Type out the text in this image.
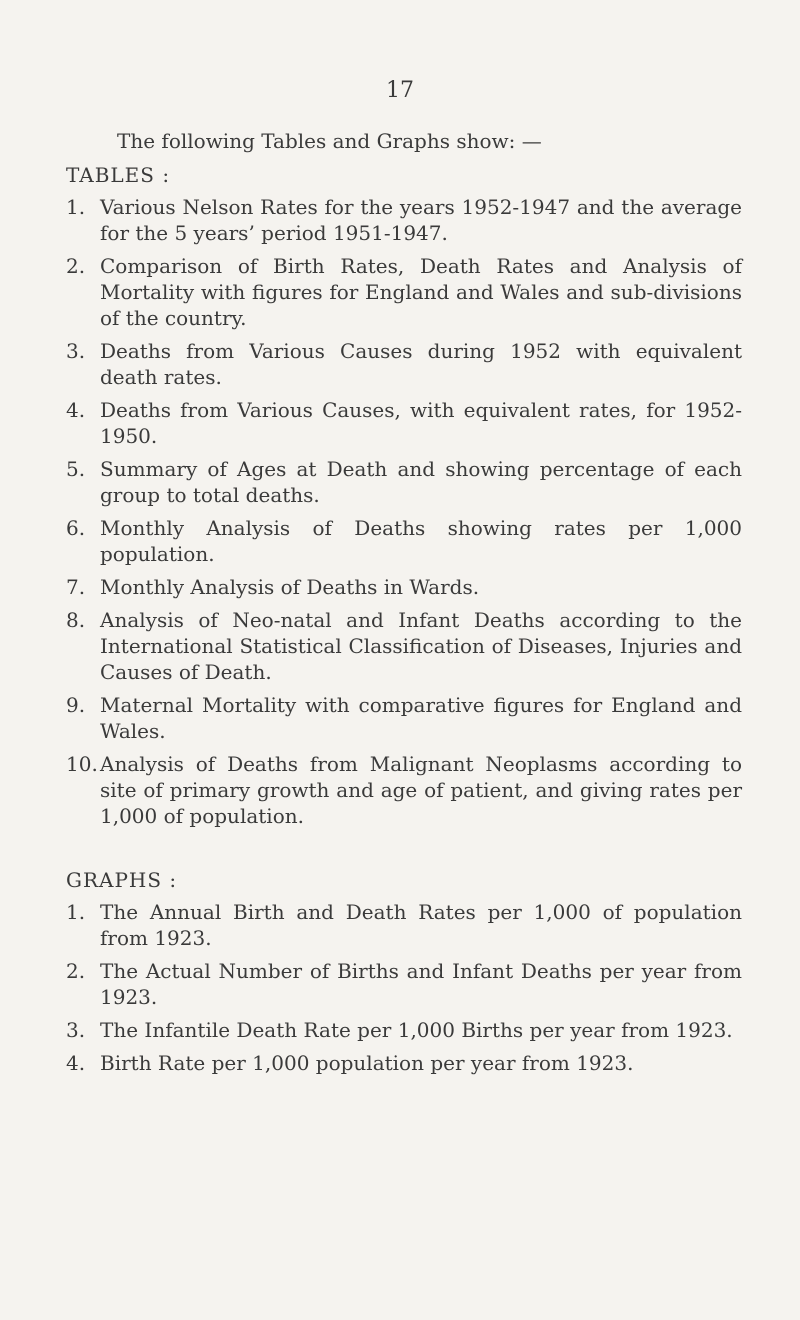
17

The following Tables and Graphs show: —

TABLES :
1. Various Nelson Rates for the years 1952-1947 and the average for the 5 years’ period 1951-1947.
2. Comparison of Birth Rates, Death Rates and Analysis of Mortality with figures for England and Wales and sub-divisions of the country.
3. Deaths from Various Causes during 1952 with equivalent death rates.
4. Deaths from Various Causes, with equivalent rates, for 1952-1950.
5. Summary of Ages at Death and showing percentage of each group to total deaths.
6. Monthly Analysis of Deaths showing rates per 1,000 population.
7. Monthly Analysis of Deaths in Wards.
8. Analysis of Neo-natal and Infant Deaths according to the International Statistical Classification of Diseases, Injuries and Causes of Death.
9. Maternal Mortality with comparative figures for England and Wales.
10. Analysis of Deaths from Malignant Neoplasms according to site of primary growth and age of patient, and giving rates per 1,000 of population.
GRAPHS :
1. The Annual Birth and Death Rates per 1,000 of population from 1923.
2. The Actual Number of Births and Infant Deaths per year from 1923.
3. The Infantile Death Rate per 1,000 Births per year from 1923.
4. Birth Rate per 1,000 population per year from 1923.
